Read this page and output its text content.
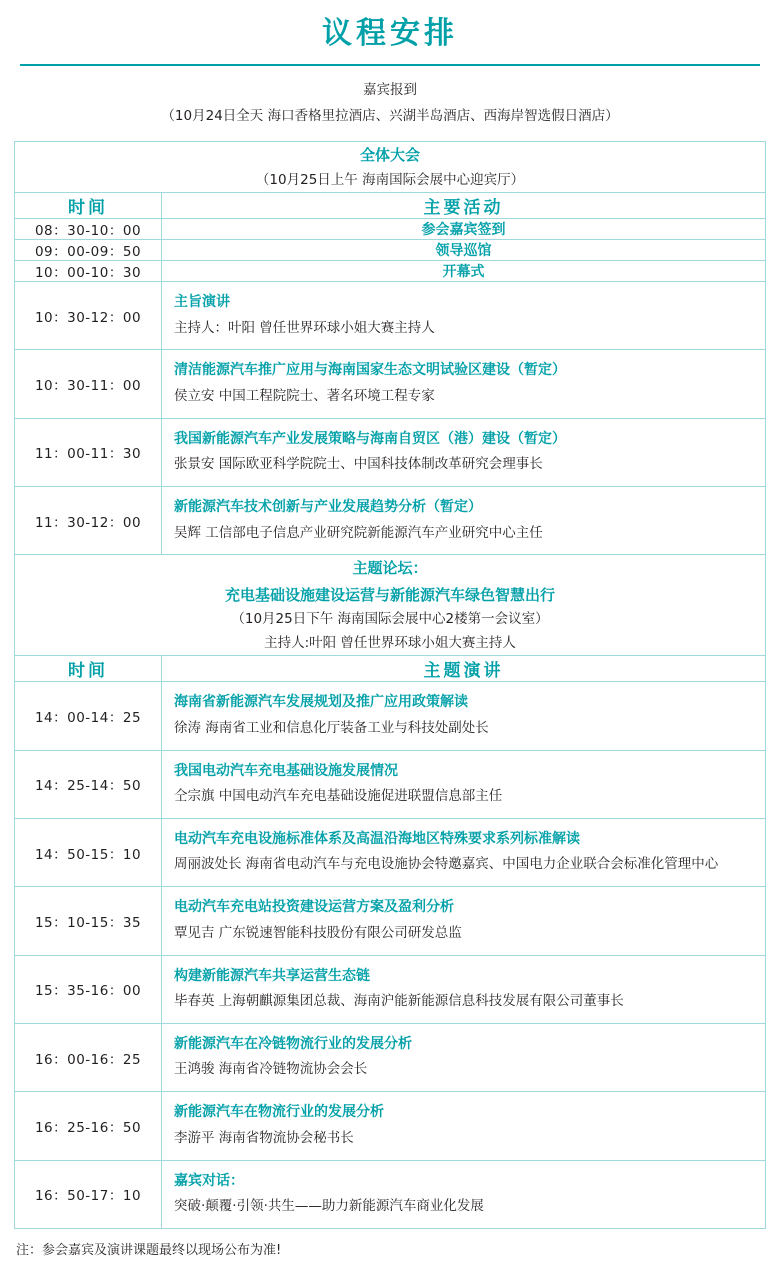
议程安排
嘉宾报到
（10月24日全天 海口香格里拉酒店、兴湖半岛酒店、西海岸智选假日酒店）
全体大会
（10月25日上午 海南国际会展中心迎宾厅）	

时间	主要活动
08：30-10：00	参会嘉宾签到
09：00-09：50	领导巡馆
10：00-10：30	开幕式
10：30-12：00	主旨演讲
主持人：叶阳 曾任世界环球小姐大赛主持人

10：30-11：00	清洁能源汽车推广应用与海南国家生态文明试验区建设（暂定）
侯立安 中国工程院院士、著名环境工程专家

11：00-11：30	我国新能源汽车产业发展策略与海南自贸区（港）建设（暂定）
张景安 国际欧亚科学院院士、中国科技体制改革研究会理事长

11：30-12：00	新能源汽车技术创新与产业发展趋势分析（暂定）
吴辉 工信部电子信息产业研究院新能源汽车产业研究中心主任

主题论坛：
充电基础设施建设运营与新能源汽车绿色智慧出行
（10月25日下午 海南国际会展中心2楼第一会议室）
主持人:叶阳 曾任世界环球小姐大赛主持人	

时间	主题演讲
14：00-14：25	海南省新能源汽车发展规划及推广应用政策解读
徐涛 海南省工业和信息化厅装备工业与科技处副处长

14：25-14：50	我国电动汽车充电基础设施发展情况
仝宗旗 中国电动汽车充电基础设施促进联盟信息部主任

14：50-15：10	电动汽车充电设施标准体系及高温沿海地区特殊要求系列标准解读
周丽波处长 海南省电动汽车与充电设施协会特邀嘉宾、中国电力企业联合会标准化管理中心

15：10-15：35	电动汽车充电站投资建设运营方案及盈利分析
覃见吉 广东锐速智能科技股份有限公司研发总监

15：35-16：00	构建新能源汽车共享运营生态链
毕春英 上海朝麒源集团总裁、海南沪能新能源信息科技发展有限公司董事长

16：00-16：25	新能源汽车在冷链物流行业的发展分析
王鸿骏 海南省冷链物流协会会长

16：25-16：50	新能源汽车在物流行业的发展分析
李游平 海南省物流协会秘书长

16：50-17：10	嘉宾对话：
突破·颠覆·引领·共生——助力新能源汽车商业化发展
注：参会嘉宾及演讲课题最终以现场公布为准!
